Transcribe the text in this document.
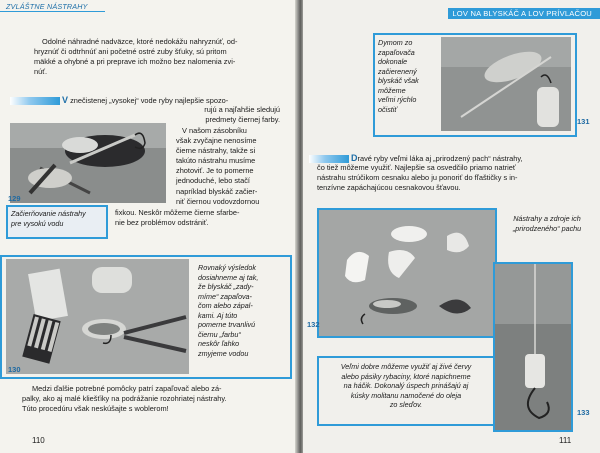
ZVLÁŠTNE NÁSTRAHY

Odolné náhradné nadväzce, ktoré nedokážu nahryznúť, od-

hryznúť či odtrhnúť ani početné ostré zuby šťuky, sú pritom

mäkké a ohybné a pri preprave ich možno bez nalomenia zvi-

núť.

V znečistenej „vysokej“ vode ryby najlepšie spozo-

rujú a najľahšie sledujú

predmety čiernej farby.

129
Začierňovanie nástrahy
pre vysokú vodu

V našom zásobníku

však zvyčajne nenosíme

čierne nástrahy, takže si

takúto nástrahu musíme

zhotoviť. Je to pomerne

jednoduché, lebo stačí

napríklad blyskáč začier-

niť čiernou vodovzdornou

fixkou. Neskôr môžeme čierne sfarbe-

nie bez problémov odstrániť.

Rovnaký výsledok
dosiahneme aj tak,
že blyskáč „zady-
míme“ zapaľova-
čom alebo zápal-
kami. Aj túto
pomerne trvanlivú
čiernu „farbu“
neskôr ľahko
zmyjeme vodou
130

Medzi ďalšie potrebné pomôcky patrí zapaľovač alebo zá-

palky, ako aj malé kliešťiky na podrážanie rozohriatej nástrahy.

Túto procedúru však neskúšajte s woblerom!

110
LOV NA BLYSKÁČ A LOV PRÍVLAČOU
Dymom zo
zapaľovača
dokonale
začierenený
blyskáč však
môžeme
veľmi rýchlo
očistiť
131

Dravé ryby veľmi láka aj „prirodzený pach“ nástrahy,

čo tiež môžeme využiť. Najlepšie sa osvedčilo priamo natrieť

nástrahu strúčikom cesnaku alebo ju ponoriť do fľaštičky s in-

tenzívne zapáchajúcou cesnakovou šťavou.

132
Nástrahy a zdroje ich
„prirodzeného“ pachu
133
Veľmi dobre môžeme využiť aj živé červy
alebo pásiky rybaciny, ktoré napichneme
na háčik. Dokonalý úspech prinášajú aj
kúsky molitanu namočené do oleja
zo sleďov.
111
